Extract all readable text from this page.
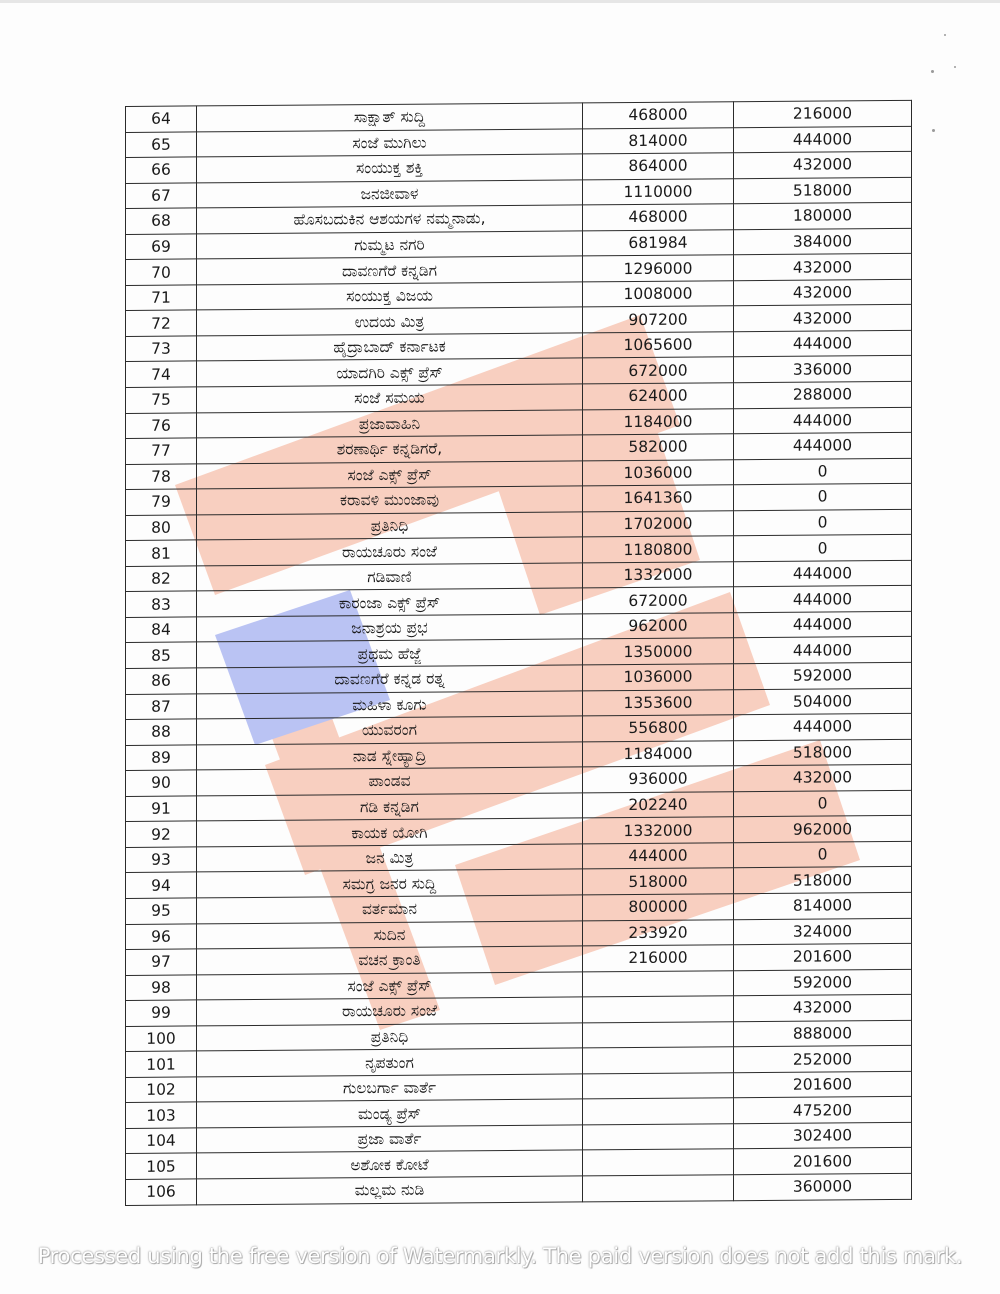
64	ಸಾಕ್ಷಾತ್ ಸುದ್ದಿ	468000	216000
65	ಸಂಜೆ ಮುಗಿಲು	814000	444000
66	ಸಂಯುಕ್ತ ಶಕ್ತಿ	864000	432000
67	ಜನಜೀವಾಳ	1110000	518000
68	ಹೊಸಬದುಕಿನ ಆಶಯಗಳ ನಮ್ಮನಾಡು,	468000	180000
69	ಗುಮ್ಮಟ ನಗರಿ	681984	384000
70	ದಾವಣಗೆರೆ ಕನ್ನಡಿಗ	1296000	432000
71	ಸಂಯುಕ್ತ ವಿಜಯ	1008000	432000
72	ಉದಯ ಮಿತ್ರ	907200	432000
73	ಹೈದ್ರಾಬಾದ್ ಕರ್ನಾಟಕ	1065600	444000
74	ಯಾದಗಿರಿ ಎಕ್ಸ್ ಪ್ರೆಸ್	672000	336000
75	ಸಂಜೆ ಸಮಯ	624000	288000
76	ಪ್ರಜಾವಾಹಿನಿ	1184000	444000
77	ಶರಣಾರ್ಥಿ ಕನ್ನಡಿಗರೆ,	582000	444000
78	ಸಂಜೆ ಎಕ್ಸ್ ಪ್ರೆಸ್	1036000	0
79	ಕರಾವಳಿ ಮುಂಜಾವು	1641360	0
80	ಪ್ರತಿನಿಧಿ	1702000	0
81	ರಾಯಚೂರು ಸಂಜೆ	1180800	0
82	ಗಡಿವಾಣಿ	1332000	444000
83	ಕಾರಂಜಾ ಎಕ್ಸ್ ಪ್ರೆಸ್	672000	444000
84	ಜನಾಶ್ರಯ ಪ್ರಭ	962000	444000
85	ಪ್ರಥಮ ಹೆಜ್ಜೆ	1350000	444000
86	ದಾವಣಗೆರೆ ಕನ್ನಡ ರತ್ನ	1036000	592000
87	ಮಹಿಳಾ ಕೂಗು	1353600	504000
88	ಯುವರಂಗ	556800	444000
89	ನಾಡ ಸ್ನೇಹ್ಯಾದ್ರಿ	1184000	518000
90	ಪಾಂಡವ	936000	432000
91	ಗಡಿ ಕನ್ನಡಿಗ	202240	0
92	ಕಾಯಕ ಯೋಗಿ	1332000	962000
93	ಜನ ಮಿತ್ರ	444000	0
94	ಸಮಗ್ರ ಜನರ ಸುದ್ದಿ	518000	518000
95	ವರ್ತಮಾನ	800000	814000
96	ಸುದಿನ	233920	324000
97	ವಚನ ಕ್ರಾಂತಿ	216000	201600
98	ಸಂಜೆ ಎಕ್ಸ್ ಪ್ರೆಸ್		592000
99	ರಾಯಚೂರು ಸಂಜೆ		432000
100	ಪ್ರತಿನಿಧಿ		888000
101	ನೃಪತುಂಗ		252000
102	ಗುಲಬರ್ಗಾ ವಾರ್ತೆ		201600
103	ಮಂಡ್ಯ ಪ್ರೆಸ್		475200
104	ಪ್ರಜಾ ವಾರ್ತೆ		302400
105	ಅಶೋಕ ಕೋಟೆ		201600
106	ಮಲ್ಲಮ ನುಡಿ		360000
Processed using the free version of Watermarkly. The paid version does not add this mark.
